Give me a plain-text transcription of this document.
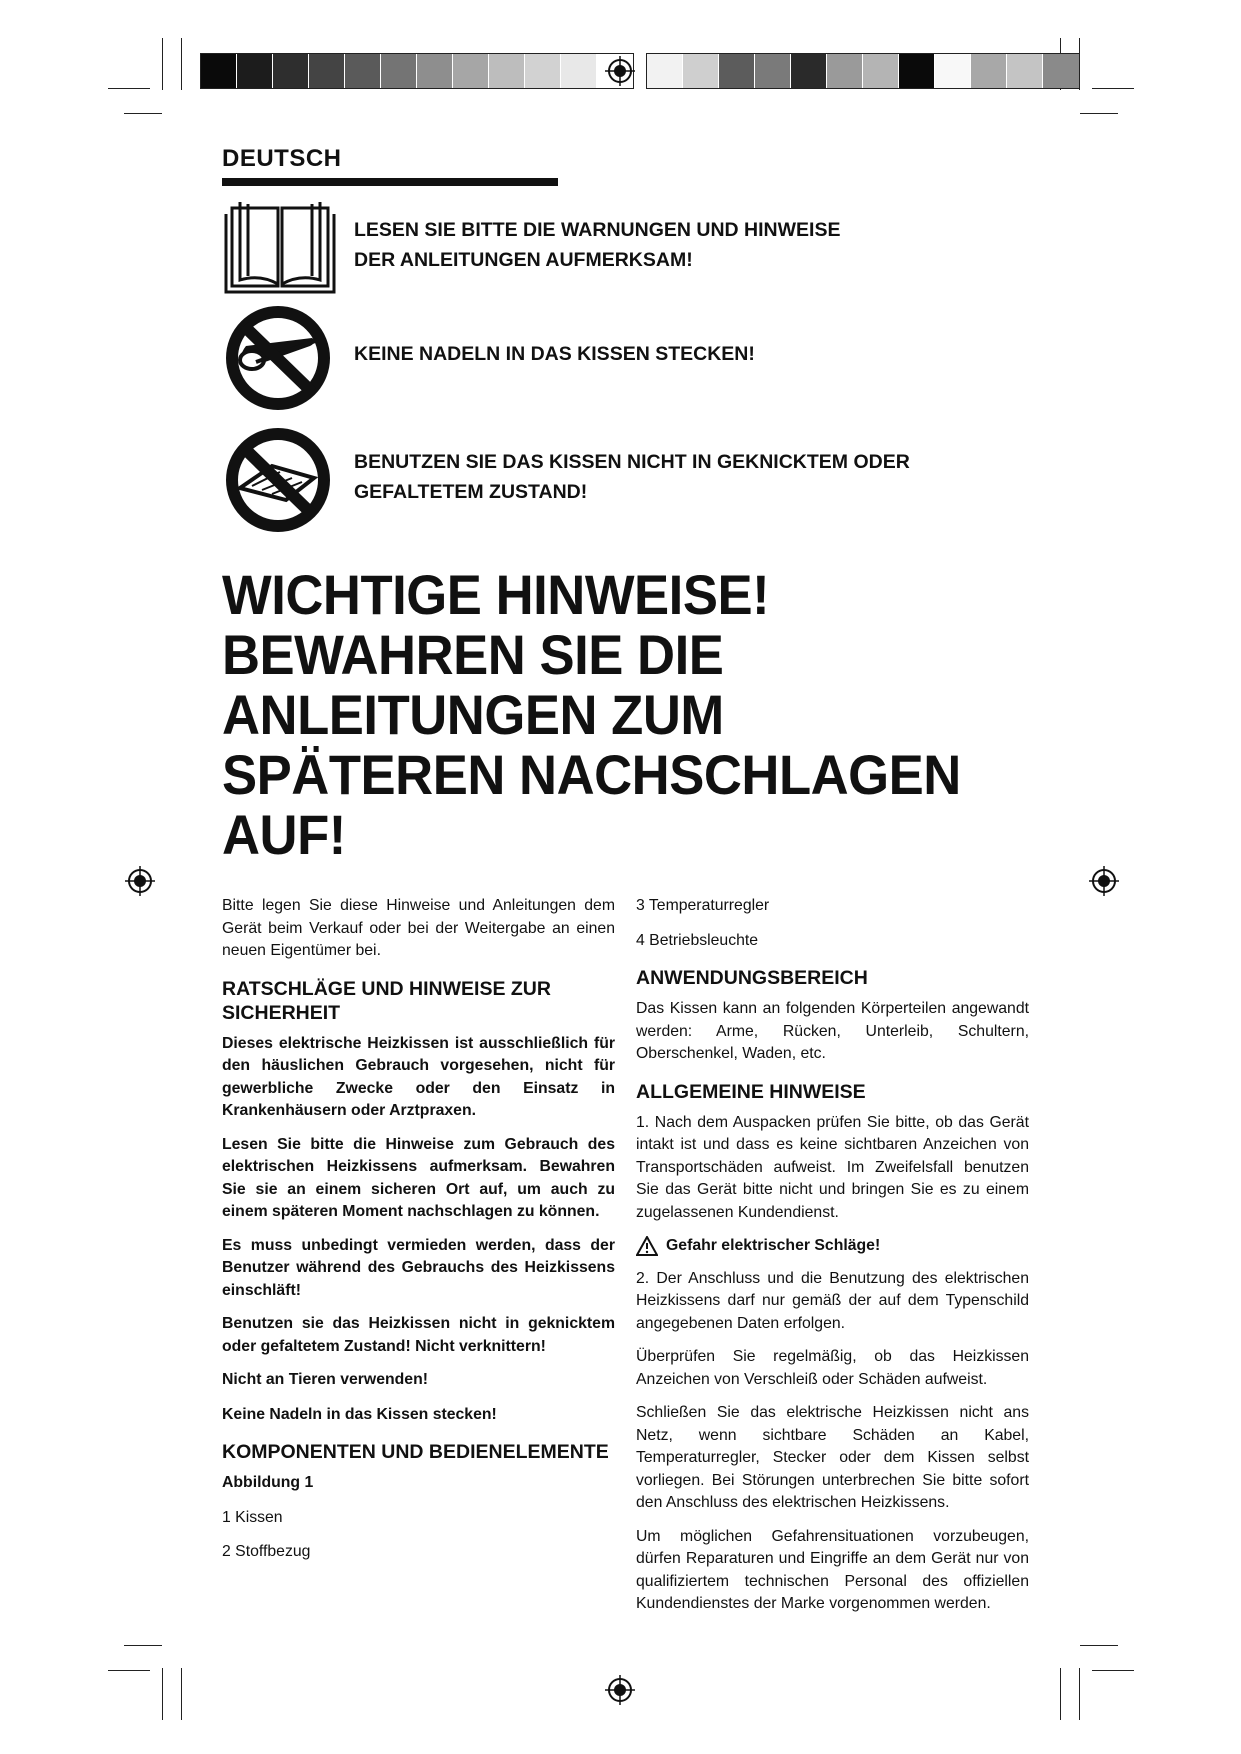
DEUTSCH
LESEN SIE BITTE DIE WARNUNGEN UND HINWEISE
DER ANLEITUNGEN AUFMERKSAM!
KEINE NADELN IN DAS KISSEN STECKEN!
BENUTZEN SIE DAS KISSEN NICHT IN GEKNICKTEM ODER
GEFALTETEM ZUSTAND!
WICHTIGE HINWEISE!
BEWAHREN SIE DIE
ANLEITUNGEN ZUM
SPÄTEREN NACHSCHLAGEN
AUF!

Bitte legen Sie diese Hinweise und Anleitungen dem Gerät beim Verkauf oder bei der Weitergabe an einen neuen Eigentümer bei.

RATSCHLÄGE UND HINWEISE ZUR SICHERHEIT

Dieses elektrische Heizkissen ist ausschließlich für den häuslichen Gebrauch vorgesehen, nicht für gewerbliche Zwecke oder den Einsatz in Krankenhäusern oder Arztpraxen.

Lesen Sie bitte die Hinweise zum Gebrauch des elektrischen Heizkissens aufmerksam. Bewahren Sie sie an einem sicheren Ort auf, um auch zu einem späteren Moment nachschlagen zu können.

Es muss unbedingt vermieden werden, dass der Benutzer während des Gebrauchs des Heizkissens einschläft!

Benutzen sie das Heizkissen nicht in geknicktem oder gefaltetem Zustand! Nicht verknittern!

Nicht an Tieren verwenden!

Keine Nadeln in das Kissen stecken!

KOMPONENTEN UND BEDIENELEMENTE

Abbildung 1

1 Kissen

2 Stoffbezug

3 Temperaturregler

4 Betriebsleuchte

ANWENDUNGSBEREICH

Das Kissen kann an folgenden Körperteilen angewandt werden: Arme, Rücken, Unterleib, Schultern, Oberschenkel, Waden, etc.

ALLGEMEINE HINWEISE

1. Nach dem Auspacken prüfen Sie bitte, ob das Gerät intakt ist und dass es keine sichtbaren Anzeichen von Transportschäden aufweist. Im Zweifelsfall benutzen Sie das Gerät bitte nicht und bringen Sie es zu einem zugelassenen Kundendienst.

Gefahr elektrischer Schläge!

2. Der Anschluss und die Benutzung des elektrischen Heizkissens darf nur gemäß der auf dem Typenschild angegebenen Daten erfolgen.

Überprüfen Sie regelmäßig, ob das Heizkissen Anzeichen von Verschleiß oder Schäden aufweist.

Schließen Sie das elektrische Heizkissen nicht ans Netz, wenn sichtbare Schäden an Kabel, Temperaturregler, Stecker oder dem Kissen selbst vorliegen. Bei Störungen unterbrechen Sie bitte sofort den Anschluss des elektrischen Heizkissens.

Um möglichen Gefahrensituationen vorzubeugen, dürfen Reparaturen und Eingriffe an dem Gerät nur von qualifiziertem technischen Personal des offiziellen Kundendienstes der Marke vorgenommen werden.
